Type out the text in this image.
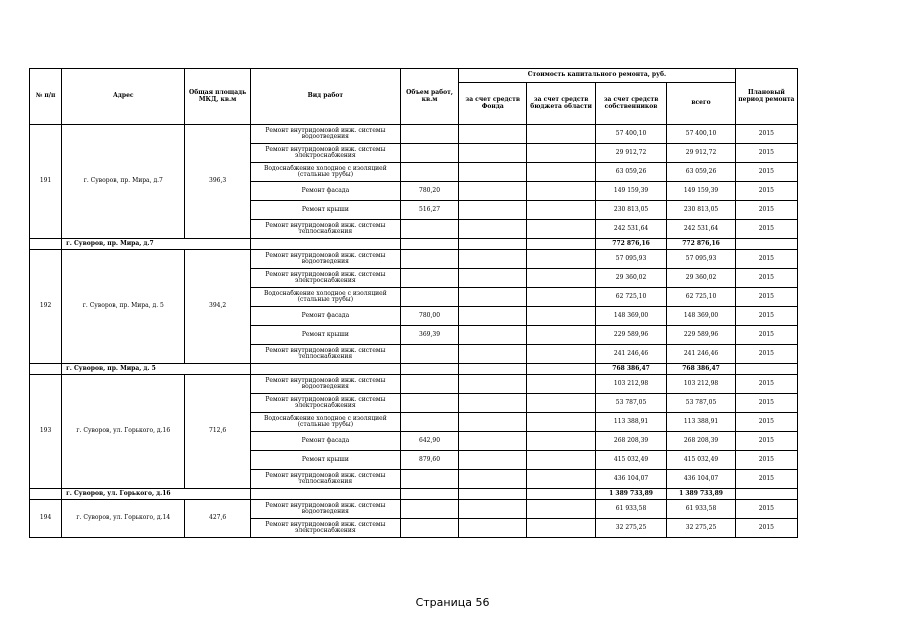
№ п/п	Адрес	Общая площадь МКД, кв.м	Вид работ	Объем работ, кв.м	Стоимость капитального ремонта, руб.				Плановый период ремонта
					за счет средств Фонда	за счет средств бюджета области	за счет средств собственников	всего	
191	г. Суворов, пр. Мира, д.7	396,3	Ремонт внутридомовой инж. системы водоотведения				57 400,10	57 400,10	2015
			Ремонт внутридомовой инж. системы электроснабжения				29 912,72	29 912,72	2015
			Водоснабжение холодное с изоляцией (стальные трубы)				63 059,26	63 059,26	2015
			Ремонт фасада	780,20			149 159,39	149 159,39	2015
			Ремонт крыши	516,27			230 813,05	230 813,05	2015
			Ремонт внутридомовой инж. системы теплоснабжения				242 531,64	242 531,64	2015
	г. Суворов, пр. Мира, д.7						772 876,16	772 876,16	
192	г. Суворов, пр. Мира, д. 5	394,2	Ремонт внутридомовой инж. системы водоотведения				57 095,93	57 095,93	2015
			Ремонт внутридомовой инж. системы электроснабжения				29 360,02	29 360,02	2015
			Водоснабжение холодное с изоляцией (стальные трубы)				62 725,10	62 725,10	2015
			Ремонт фасада	780,00			148 369,00	148 369,00	2015
			Ремонт крыши	369,39			229 589,96	229 589,96	2015
			Ремонт внутридомовой инж. системы теплоснабжения				241 246,46	241 246,46	2015
	г. Суворов, пр. Мира, д. 5						768 386,47	768 386,47	
193	г. Суворов, ул. Горького, д.16	712,6	Ремонт внутридомовой инж. системы водоотведения				103 212,98	103 212,98	2015
			Ремонт внутридомовой инж. системы электроснабжения				53 787,05	53 787,05	2015
			Водоснабжение холодное с изоляцией (стальные трубы)				113 388,91	113 388,91	2015
			Ремонт фасада	642,90			268 208,39	268 208,39	2015
			Ремонт крыши	879,60			415 032,49	415 032,49	2015
			Ремонт внутридомовой инж. системы теплоснабжения				436 104,07	436 104,07	2015
	г. Суворов, ул. Горького, д.16						1 389 733,89	1 389 733,89	
194	г. Суворов, ул. Горького, д.14	427,6	Ремонт внутридомовой инж. системы водоотведения				61 933,58	61 933,58	2015
			Ремонт внутридомовой инж. системы электроснабжения				32 275,25	32 275,25	2015
Страница 56
